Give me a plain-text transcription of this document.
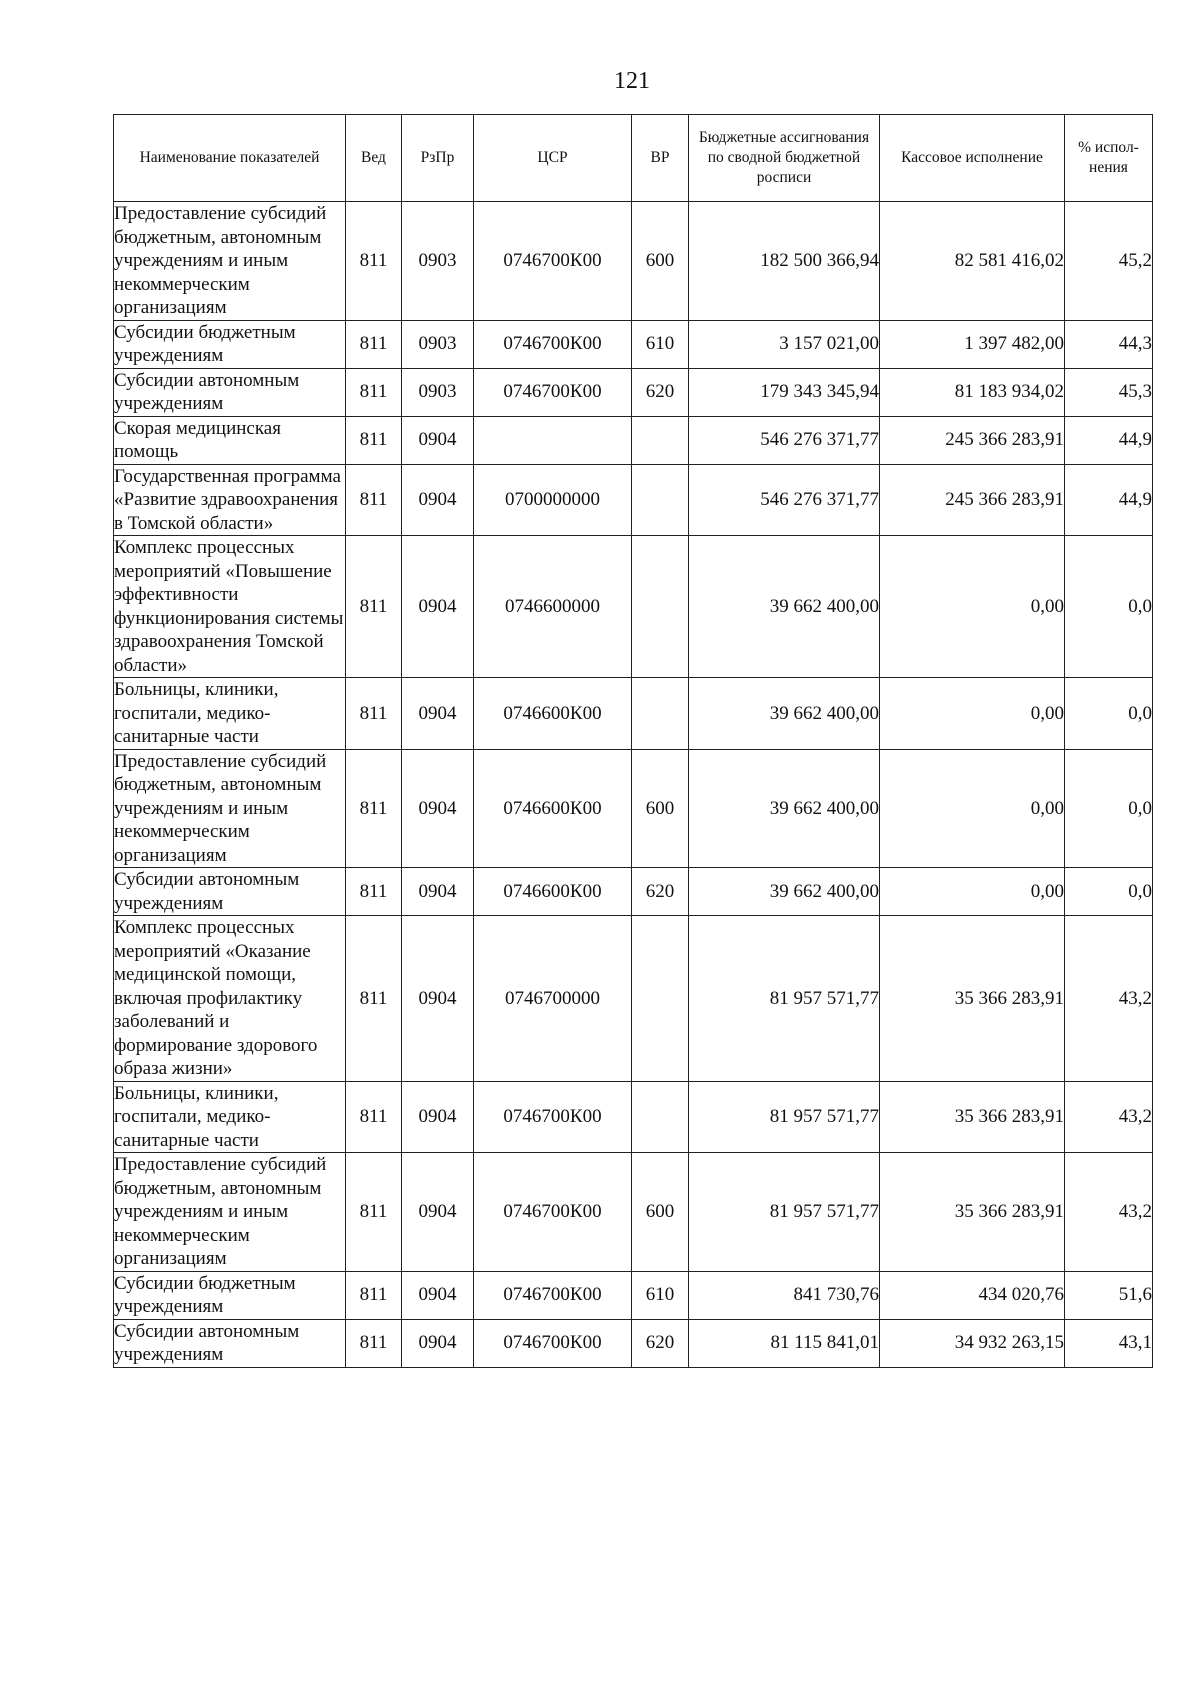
121
Наименование показателей	Вед	РзПр	ЦСР	ВР	Бюджетные ассигнования по сводной бюджетной росписи	Кассовое исполнение	% испол-нения
Предоставление субсидий бюджетным, автономным учреждениям и иным некоммерческим организациям	811	0903	0746700К00	600	182 500 366,94	82 581 416,02	45,2
Субсидии бюджетным учреждениям	811	0903	0746700К00	610	3 157 021,00	1 397 482,00	44,3
Субсидии автономным учреждениям	811	0903	0746700К00	620	179 343 345,94	81 183 934,02	45,3
Скорая медицинская помощь	811	0904			546 276 371,77	245 366 283,91	44,9
Государственная программа «Развитие здравоохранения в Томской области»	811	0904	0700000000		546 276 371,77	245 366 283,91	44,9
Комплекс процессных мероприятий «Повышение эффективности функционирования системы здравоохранения Томской области»	811	0904	0746600000		39 662 400,00	0,00	0,0
Больницы, клиники, госпитали, медико-санитарные части	811	0904	0746600К00		39 662 400,00	0,00	0,0
Предоставление субсидий бюджетным, автономным учреждениям и иным некоммерческим организациям	811	0904	0746600К00	600	39 662 400,00	0,00	0,0
Субсидии автономным учреждениям	811	0904	0746600К00	620	39 662 400,00	0,00	0,0
Комплекс процессных мероприятий «Оказание медицинской помощи, включая профилактику заболеваний и формирование здорового образа жизни»	811	0904	0746700000		81 957 571,77	35 366 283,91	43,2
Больницы, клиники, госпитали, медико-санитарные части	811	0904	0746700К00		81 957 571,77	35 366 283,91	43,2
Предоставление субсидий бюджетным, автономным учреждениям и иным некоммерческим организациям	811	0904	0746700К00	600	81 957 571,77	35 366 283,91	43,2
Субсидии бюджетным учреждениям	811	0904	0746700К00	610	841 730,76	434 020,76	51,6
Субсидии автономным учреждениям	811	0904	0746700К00	620	81 115 841,01	34 932 263,15	43,1
